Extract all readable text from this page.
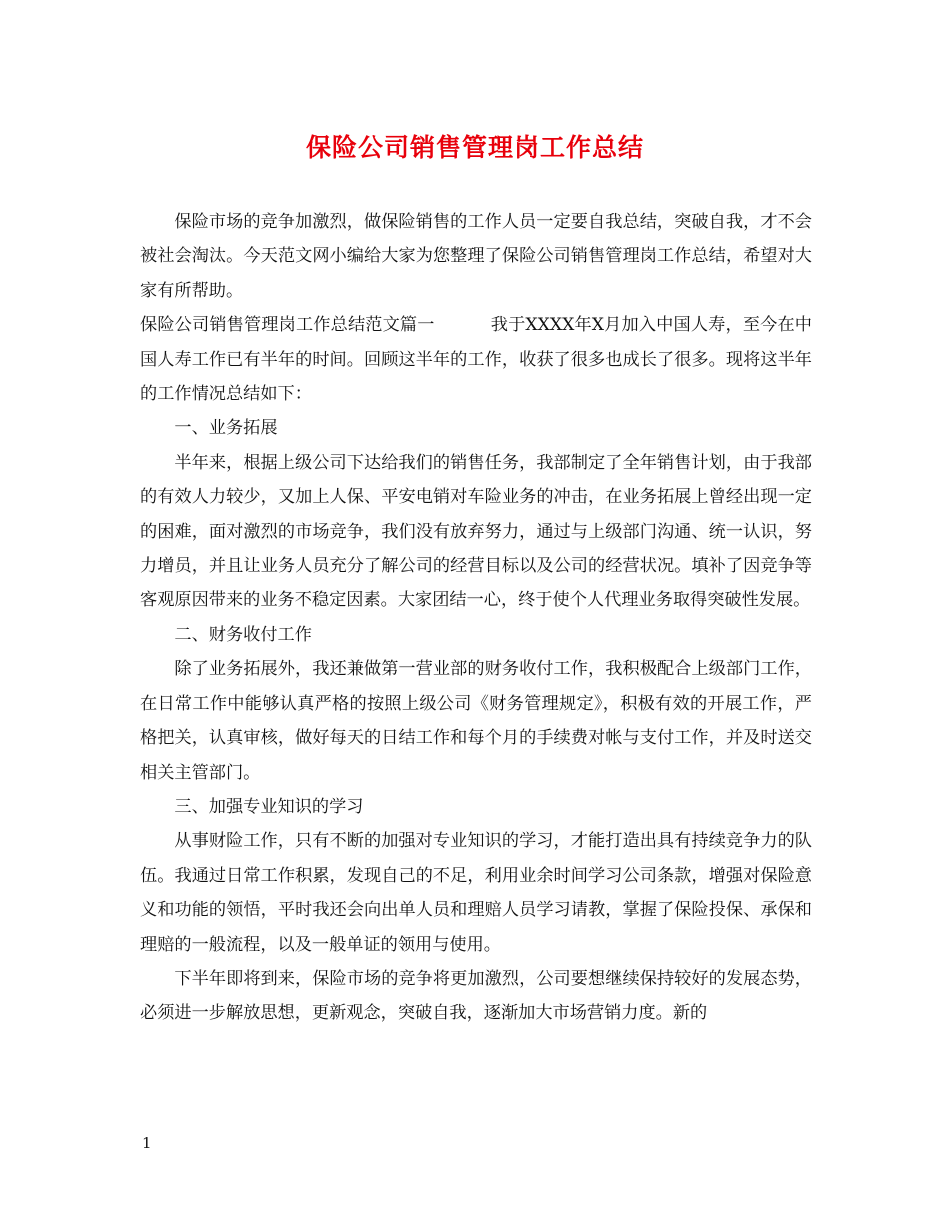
保险公司销售管理岗工作总结

保险市场的竞争加激烈，做保险销售的工作人员一定要自我总结，突破自我，才不会被社会淘汰。今天范文网小编给大家为您整理了保险公司销售管理岗工作总结，希望对大家有所帮助。

保险公司销售管理岗工作总结范文篇一	我于XXXX年X月加入中国人寿，至今在中国人寿工作已有半年的时间。回顾这半年的工作，收获了很多也成长了很多。现将这半年的工作情况总结如下：

一、业务拓展

半年来，根据上级公司下达给我们的销售任务，我部制定了全年销售计划，由于我部的有效人力较少，又加上人保、平安电销对车险业务的冲击，在业务拓展上曾经出现一定的困难，面对激烈的市场竞争，我们没有放弃努力，通过与上级部门沟通、统一认识，努力增员，并且让业务人员充分了解公司的经营目标以及公司的经营状况。填补了因竞争等客观原因带来的业务不稳定因素。大家团结一心，终于使个人代理业务取得突破性发展。

二、财务收付工作

除了业务拓展外，我还兼做第一营业部的财务收付工作，我积极配合上级部门工作，在日常工作中能够认真严格的按照上级公司《财务管理规定》，积极有效的开展工作，严格把关，认真审核，做好每天的日结工作和每个月的手续费对帐与支付工作，并及时送交相关主管部门。

三、加强专业知识的学习

从事财险工作，只有不断的加强对专业知识的学习，才能打造出具有持续竞争力的队伍。我通过日常工作积累，发现自己的不足，利用业余时间学习公司条款，增强对保险意义和功能的领悟，平时我还会向出单人员和理赔人员学习请教，掌握了保险投保、承保和理赔的一般流程，以及一般单证的领用与使用。

下半年即将到来，保险市场的竞争将更加激烈，公司要想继续保持较好的发展态势，必须进一步解放思想，更新观念，突破自我，逐渐加大市场营销力度。新的

1
